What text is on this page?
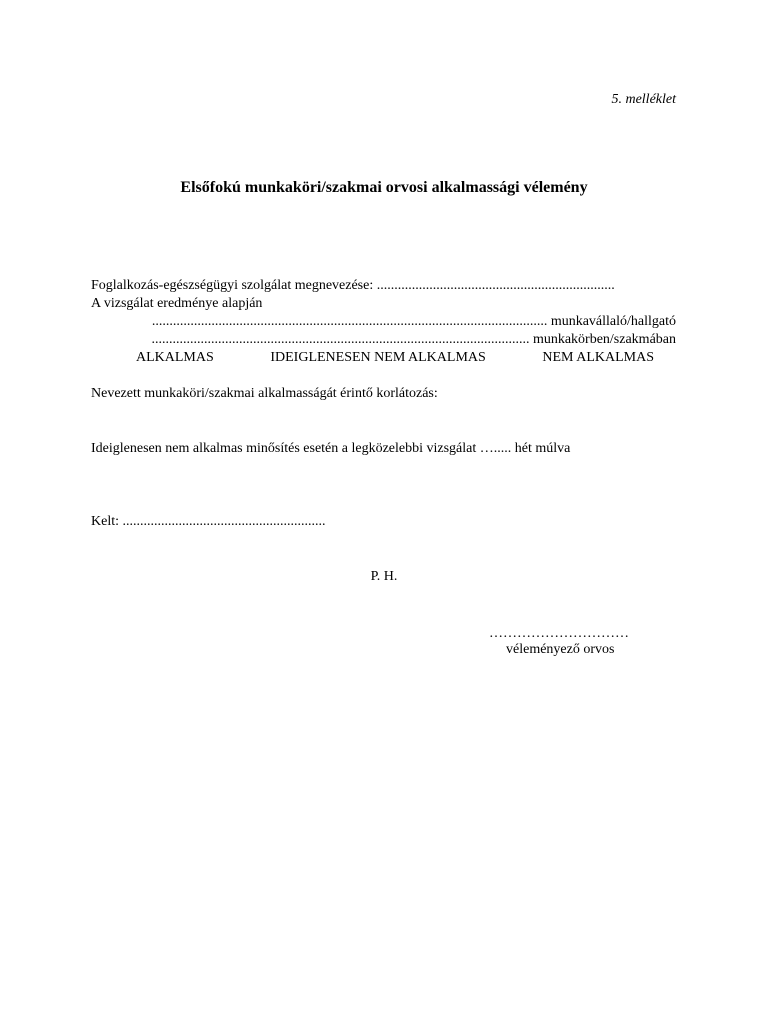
5. melléklet
Elsőfokú munkaköri/szakmai orvosi alkalmassági vélemény
Foglalkozás-egészségügyi szolgálat megnevezése: ....................................................................
A vizsgálat eredménye alapján
................................................................................................................. munkavállaló/hallgató
............................................................................................................ munkakörben/szakmában
ALKALMAS	IDEIGLENESEN NEM ALKALMAS	NEM ALKALMAS
Nevezett munkaköri/szakmai alkalmasságát érintő korlátozás:
Ideiglenesen nem alkalmas minősítés esetén a legközelebbi vizsgálat …..... hét múlva
Kelt: ..........................................................
P. H.
…………………………
véleményező orvos
